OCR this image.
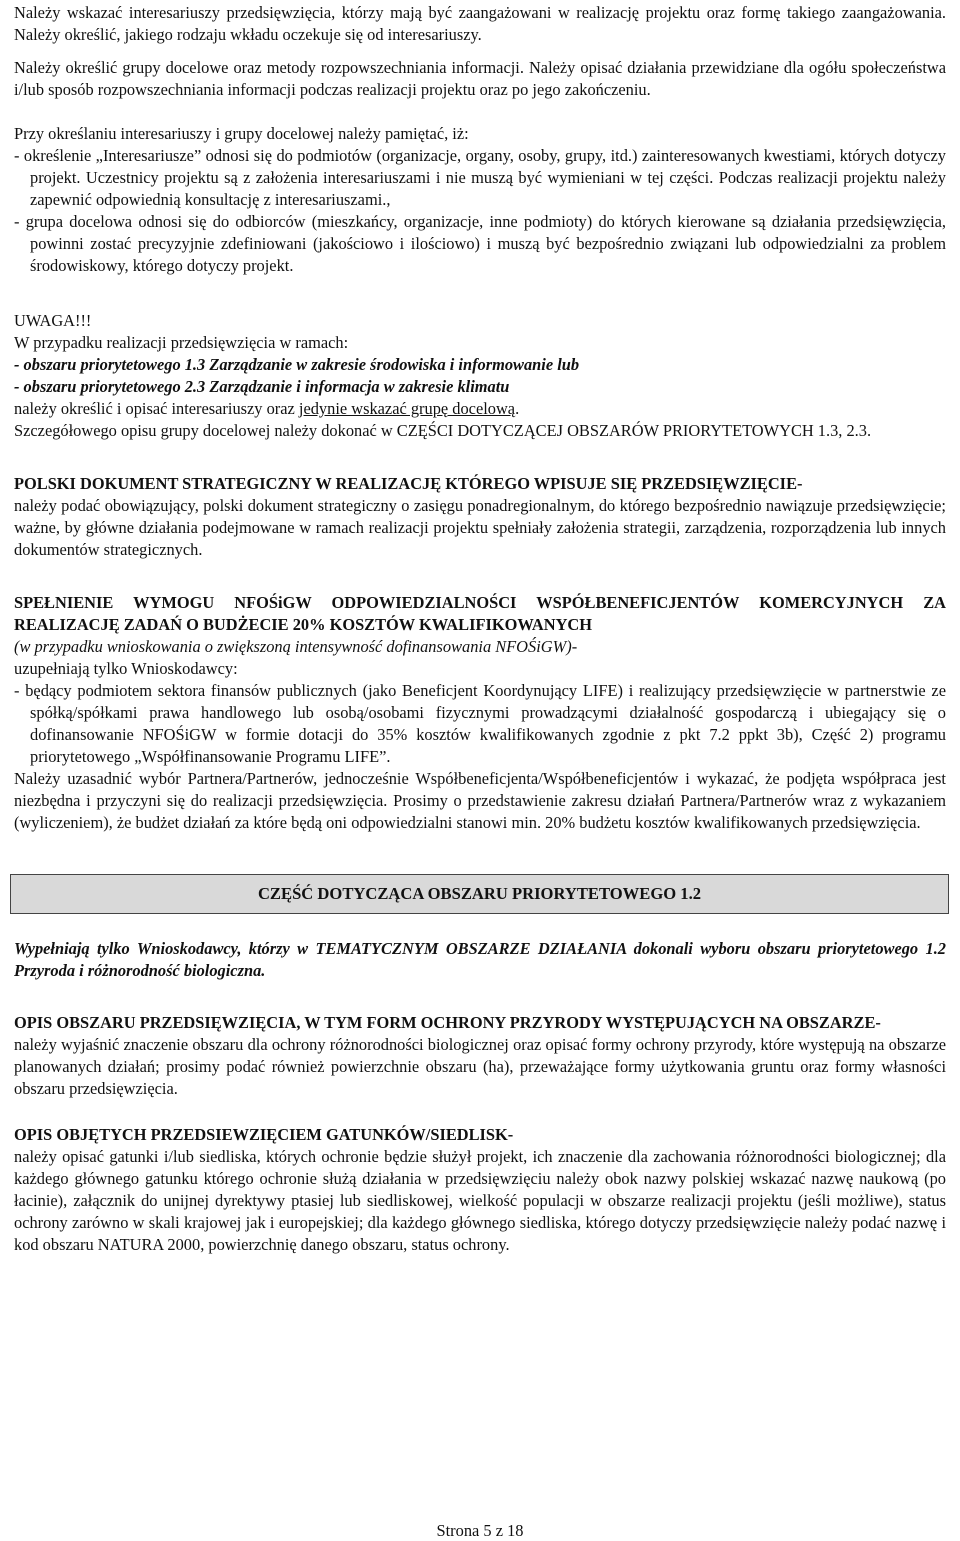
Należy wskazać interesariuszy przedsięwzięcia, którzy mają być zaangażowani w realizację projektu oraz formę takiego zaangażowania. Należy określić, jakiego rodzaju wkładu oczekuje się od interesariuszy.

Należy określić grupy docelowe oraz metody rozpowszechniania informacji. Należy opisać działania przewidziane dla ogółu społeczeństwa i/lub sposób rozpowszechniania informacji podczas realizacji projektu oraz po jego zakończeniu.

Przy określaniu interesariuszy i grupy docelowej należy pamiętać, iż:

- określenie „Interesariusze” odnosi się do podmiotów (organizacje, organy, osoby, grupy, itd.) zainteresowanych kwestiami, których dotyczy projekt. Uczestnicy projektu są z założenia interesariuszami i nie muszą być wymieniani w tej części. Podczas realizacji projektu należy zapewnić odpowiednią konsultację z interesariuszami.,

- grupa docelowa odnosi się do odbiorców (mieszkańcy, organizacje, inne podmioty) do których kierowane są działania przedsięwzięcia, powinni zostać precyzyjnie zdefiniowani (jakościowo i ilościowo) i muszą być bezpośrednio związani lub odpowiedzialni za problem środowiskowy, którego dotyczy projekt.

UWAGA!!!

W przypadku realizacji przedsięwzięcia w ramach:

- obszaru priorytetowego 1.3 Zarządzanie w zakresie środowiska i informowanie lub

- obszaru priorytetowego 2.3 Zarządzanie i informacja w zakresie klimatu

należy określić i opisać interesariuszy oraz jedynie wskazać grupę docelową.

Szczegółowego opisu grupy docelowej należy dokonać w CZĘŚCI DOTYCZĄCEJ OBSZARÓW PRIORYTETOWYCH 1.3, 2.3.

POLSKI DOKUMENT STRATEGICZNY W REALIZACJĘ KTÓREGO WPISUJE SIĘ PRZEDSIĘWZIĘCIE-

należy podać obowiązujący, polski dokument strategiczny o zasięgu ponadregionalnym, do którego bezpośrednio nawiązuje przedsięwzięcie; ważne, by główne działania podejmowane w ramach realizacji projektu spełniały założenia strategii, zarządzenia, rozporządzenia lub innych dokumentów strategicznych.

SPEŁNIENIE WYMOGU NFOŚiGW ODPOWIEDZIALNOŚCI WSPÓŁBENEFICJENTÓW KOMERCYJNYCH ZA REALIZACJĘ ZADAŃ O BUDŻECIE 20% KOSZTÓW KWALIFIKOWANYCH

(w przypadku wnioskowania o zwiększoną intensywność dofinansowania NFOŚiGW)-

uzupełniają tylko Wnioskodawcy:

- będący podmiotem sektora finansów publicznych (jako Beneficjent Koordynujący LIFE) i realizujący przedsięwzięcie w partnerstwie ze spółką/spółkami prawa handlowego lub osobą/osobami fizycznymi prowadzącymi działalność gospodarczą i ubiegający się o dofinansowanie NFOŚiGW w formie dotacji do 35% kosztów kwalifikowanych zgodnie z pkt 7.2 ppkt 3b), Część 2) programu priorytetowego „Współfinansowanie Programu LIFE”.

Należy uzasadnić wybór Partnera/Partnerów, jednocześnie Współbeneficjenta/Współbeneficjentów i wykazać, że podjęta współpraca jest niezbędna i przyczyni się do realizacji przedsięwzięcia. Prosimy o przedstawienie zakresu działań Partnera/Partnerów wraz z wykazaniem (wyliczeniem), że budżet działań za które będą oni odpowiedzialni stanowi min. 20% budżetu kosztów kwalifikowanych przedsięwzięcia.

CZĘŚĆ DOTYCZĄCA OBSZARU PRIORYTETOWEGO 1.2

Wypełniają tylko Wnioskodawcy, którzy w TEMATYCZNYM OBSZARZE DZIAŁANIA dokonali wyboru obszaru priorytetowego 1.2 Przyroda i różnorodność biologiczna.

OPIS OBSZARU PRZEDSIĘWZIĘCIA, W TYM FORM OCHRONY PRZYRODY WYSTĘPUJĄCYCH NA OBSZARZE-

należy wyjaśnić znaczenie obszaru dla ochrony różnorodności biologicznej oraz opisać formy ochrony przyrody, które występują na obszarze planowanych działań; prosimy podać również powierzchnie obszaru (ha), przeważające formy użytkowania gruntu oraz formy własności obszaru przedsięwzięcia.

OPIS OBJĘTYCH PRZEDSIEWZIĘCIEM GATUNKÓW/SIEDLISK-

należy opisać gatunki i/lub siedliska, których ochronie będzie służył projekt, ich znaczenie dla zachowania różnorodności biologicznej; dla każdego głównego gatunku którego ochronie służą działania w przedsięwzięciu należy obok nazwy polskiej wskazać nazwę naukową (po łacinie), załącznik do unijnej dyrektywy ptasiej lub siedliskowej, wielkość populacji w obszarze realizacji projektu (jeśli możliwe), status ochrony zarówno w skali krajowej jak i europejskiej; dla każdego głównego siedliska, którego dotyczy przedsięwzięcie należy podać nazwę i kod obszaru NATURA 2000, powierzchnię danego obszaru, status ochrony.

Strona 5 z 18
